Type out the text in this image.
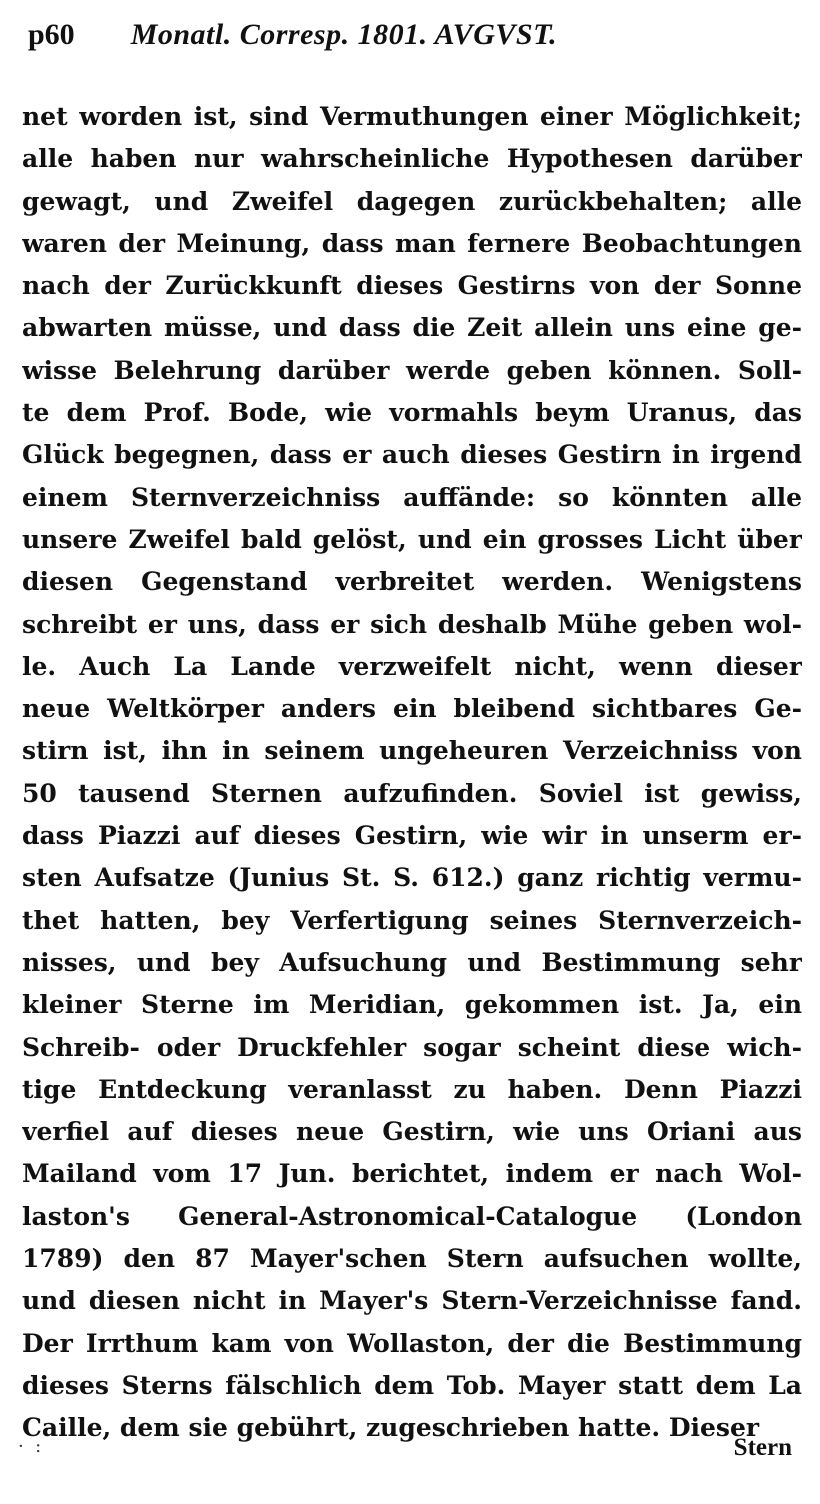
p60 Monatl. Corresp. 1801. AVGVST.
net worden ist, sind Vermuthungen einer Möglichkeit;
alle haben nur wahrscheinliche Hypothesen darüber
gewagt, und Zweifel dagegen zurückbehalten; alle
waren der Meinung, dass man fernere Beobachtungen
nach der Zurückkunft dieses Gestirns von der Sonne
abwarten müsse, und dass die Zeit allein uns eine ge-
wisse Belehrung darüber werde geben können. Soll-
te dem Prof. Bode, wie vormahls beym Uranus, das
Glück begegnen, dass er auch dieses Gestirn in irgend
einem Sternverzeichniss auffände: so könnten alle
unsere Zweifel bald gelöst, und ein grosses Licht über
diesen Gegenstand verbreitet werden. Wenigstens
schreibt er uns, dass er sich deshalb Mühe geben wol-
le. Auch La Lande verzweifelt nicht, wenn dieser
neue Weltkörper anders ein bleibend sichtbares Ge-
stirn ist, ihn in seinem ungeheuren Verzeichniss von
50 tausend Sternen aufzufinden. Soviel ist gewiss,
dass Piazzi auf dieses Gestirn, wie wir in unserm er-
sten Aufsatze (Junius St. S. 612.) ganz richtig vermu-
thet hatten, bey Verfertigung seines Sternverzeich-
nisses, und bey Aufsuchung und Bestimmung sehr
kleiner Sterne im Meridian, gekommen ist. Ja, ein
Schreib- oder Druckfehler sogar scheint diese wich-
tige Entdeckung veranlasst zu haben. Denn Piazzi
verfiel auf dieses neue Gestirn, wie uns Oriani aus
Mailand vom 17 Jun. berichtet, indem er nach Wol-
laston's General-Astronomical-Catalogue (London
1789) den 87 Mayer'schen Stern aufsuchen wollte,
und diesen nicht in Mayer's Stern-Verzeichnisse fand.
Der Irrthum kam von Wollaston, der die Bestimmung
dieses Sterns fälschlich dem Tob. Mayer statt dem La
Caille, dem sie gebührt, zugeschrieben hatte. Dieser
·  :	Stern
